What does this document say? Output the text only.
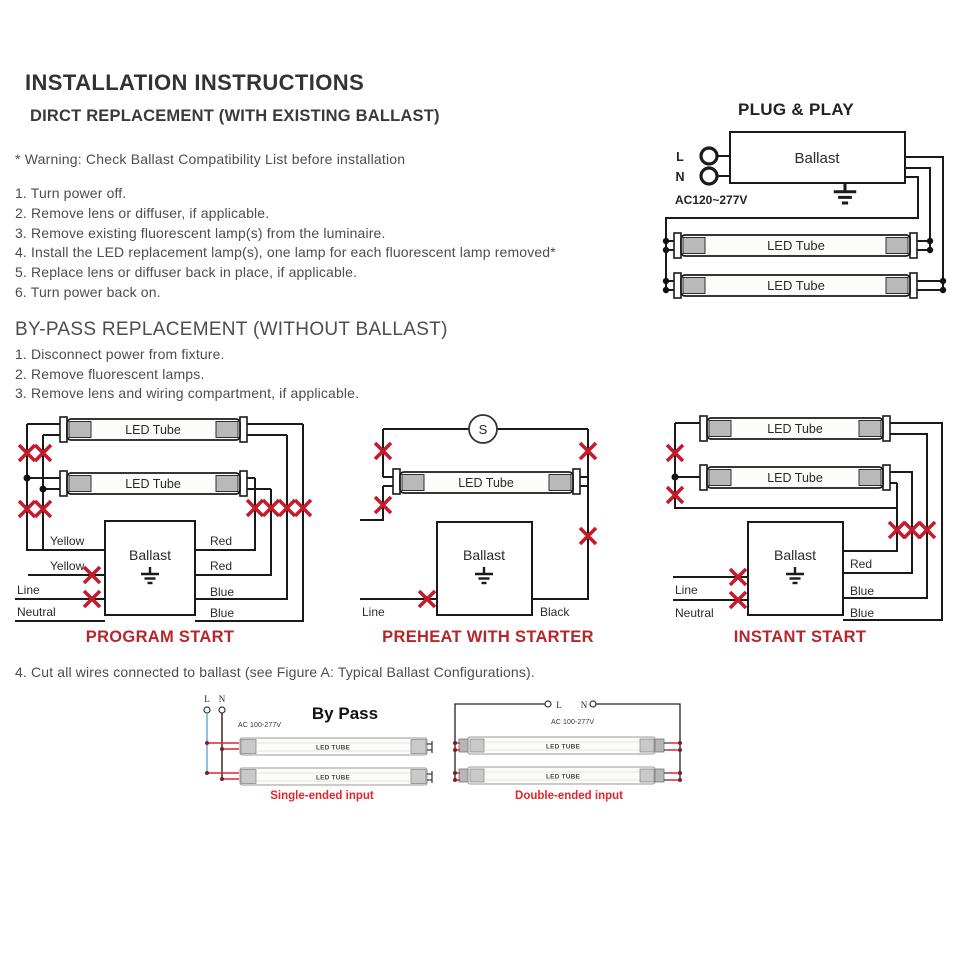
INSTALLATION INSTRUCTIONS
DIRCT REPLACEMENT (WITH EXISTING BALLAST)
* Warning: Check Ballast Compatibility List before installation
1. Turn power off.
2. Remove lens or diffuser, if applicable.
3. Remove existing fluorescent lamp(s) from the luminaire.
4. Install the LED replacement lamp(s), one lamp for each fluorescent lamp removed*
5. Replace lens or diffuser back in place, if applicable.
6. Turn power back on.
BY-PASS REPLACEMENT (WITHOUT BALLAST)
1. Disconnect power from fixture.
2. Remove fluorescent lamps.
3. Remove lens and wiring compartment, if applicable.
4. Cut all wires connected to ballast (see Figure A: Typical Ballast Configurations).
PLUG & PLAY
L
N
Ballast
AC120~277V
LED Tube
LED Tube
LED Tube
LED Tube
Ballast
Yellow
Yellow
Line
Neutral
Red
Red
Blue
Blue
PROGRAM START
S
LED Tube
Ballast
Line	Black
PREHEAT WITH STARTER
LED Tube
LED Tube
Ballast
Line
Neutral
Red
Blue
Blue
INSTANT START
L N
By Pass
AC 100-277V
LED TUBE
LED TUBE
Single-ended input
L N
AC 100-277V
LED TUBE
LED TUBE
Double-ended input
